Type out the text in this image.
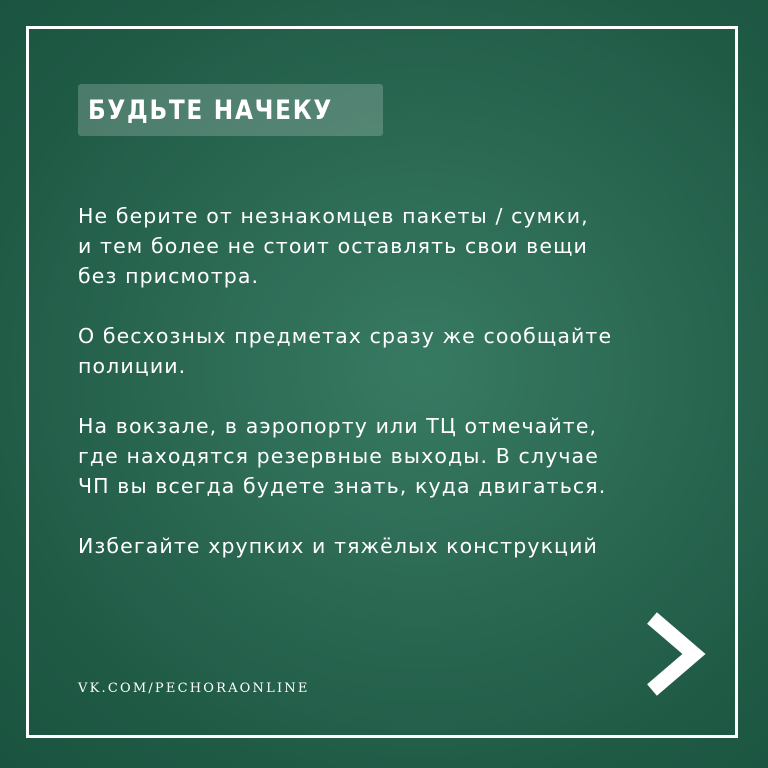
БУДЬТЕ НАЧЕКУ

Не берите от незнакомцев пакеты / сумки,
и тем более не стоит оставлять свои вещи
без присмотра.

О бесхозных предметах сразу же сообщайте
полиции.

На вокзале, в аэропорту или ТЦ отмечайте,
где находятся резервные выходы. В случае
ЧП вы всегда будете знать, куда двигаться.

Избегайте хрупких и тяжёлых конструкций

VK.COM/PECHORAONLINE
